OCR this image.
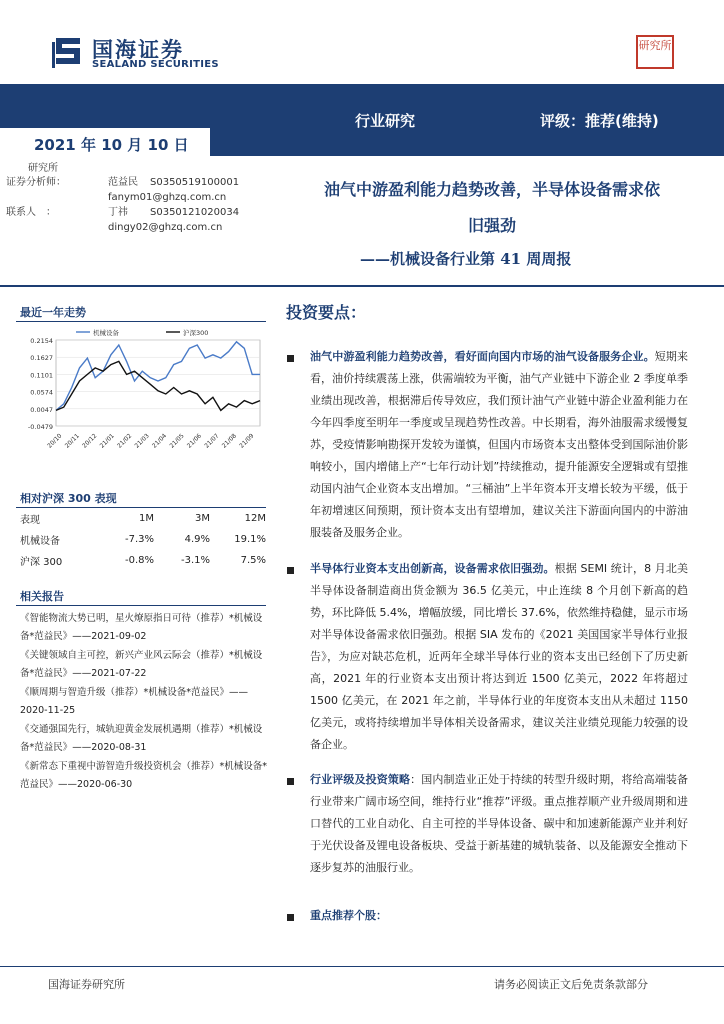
国海证券
SEALAND SECURITIES
研究所
行业研究	评级：推荐(维持)
2021 年 10 月 10 日
研究所
证券分析师：	范益民 S0350519100001
fanym01@ghzq.com.cn
联系人　：	丁祎 S0350121020034
dingy02@ghzq.com.cn
油气中游盈利能力趋势改善，半导体设备需求依
旧强劲
——机械设备行业第 41 周周报
最近一年走势
0.2154
0.1627
0.1101
0.0574
0.0047
-0.0479
20/10 20/11 20/12 21/01 21/02 21/03 21/04 21/05 21/06 21/07 21/08 21/09
机械设备	沪深300
相对沪深 300 表现
表现	1M	3M	12M
机械设备	-7.3%	4.9%	19.1%
沪深 300	-0.8%	-3.1%	7.5%
相关报告
《智能物流大势已明，星火燎原指日可待（推荐）*机械设备*范益民》——2021-09-02
《关键领域自主可控，新兴产业风云际会（推荐）*机械设备*范益民》——2021-07-22
《顺周期与智造升级（推荐）*机械设备*范益民》——2020-11-25
《交通强国先行，城轨迎黄金发展机遇期（推荐）*机械设备*范益民》——2020-08-31
《新常态下重视中游智造升级投资机会（推荐）*机械设备*范益民》——2020-06-30
投资要点：
油气中游盈利能力趋势改善，看好面向国内市场的油气设备服务企业。短期来看，油价持续震荡上涨，供需端较为平衡，油气产业链中下游企业 2 季度单季业绩出现改善，根据滞后传导效应，我们预计油气产业链中游企业盈利能力在今年四季度至明年一季度或呈现趋势性改善。中长期看，海外油服需求缓慢复苏，受疫情影响勘探开发较为谨慎，但国内市场资本支出整体受到国际油价影响较小，国内增储上产“七年行动计划”持续推动，提升能源安全逻辑或有望推动国内油气企业资本支出增加。“三桶油”上半年资本开支增长较为平缓，低于年初增速区间预期，预计资本支出有望增加，建议关注下游面向国内的中游油服装备及服务企业。
半导体行业资本支出创新高，设备需求依旧强劲。根据 SEMI 统计，8 月北美半导体设备制造商出货金额为 36.5 亿美元，中止连续 8 个月创下新高的趋势，环比降低 5.4%，增幅放缓，同比增长 37.6%，依然维持稳健，显示市场对半导体设备需求依旧强劲。根据 SIA 发布的《2021 美国国家半导体行业报告》，为应对缺芯危机，近两年全球半导体行业的资本支出已经创下了历史新高，2021 年的行业资本支出预计将达到近 1500 亿美元，2022 年将超过 1500 亿美元，在 2021 年之前，半导体行业的年度资本支出从未超过 1150 亿美元，或将持续增加半导体相关设备需求，建议关注业绩兑现能力较强的设备企业。
行业评级及投资策略：国内制造业正处于持续的转型升级时期，将给高端装备行业带来广阔市场空间，维持行业“推荐”评级。重点推荐顺产业升级周期和进口替代的工业自动化、自主可控的半导体设备、碳中和加速新能源产业并利好于光伏设备及锂电设备板块、受益于新基建的城轨装备、以及能源安全推动下逐步复苏的油服行业。
重点推荐个股：
国海证券研究所	请务必阅读正文后免责条款部分
